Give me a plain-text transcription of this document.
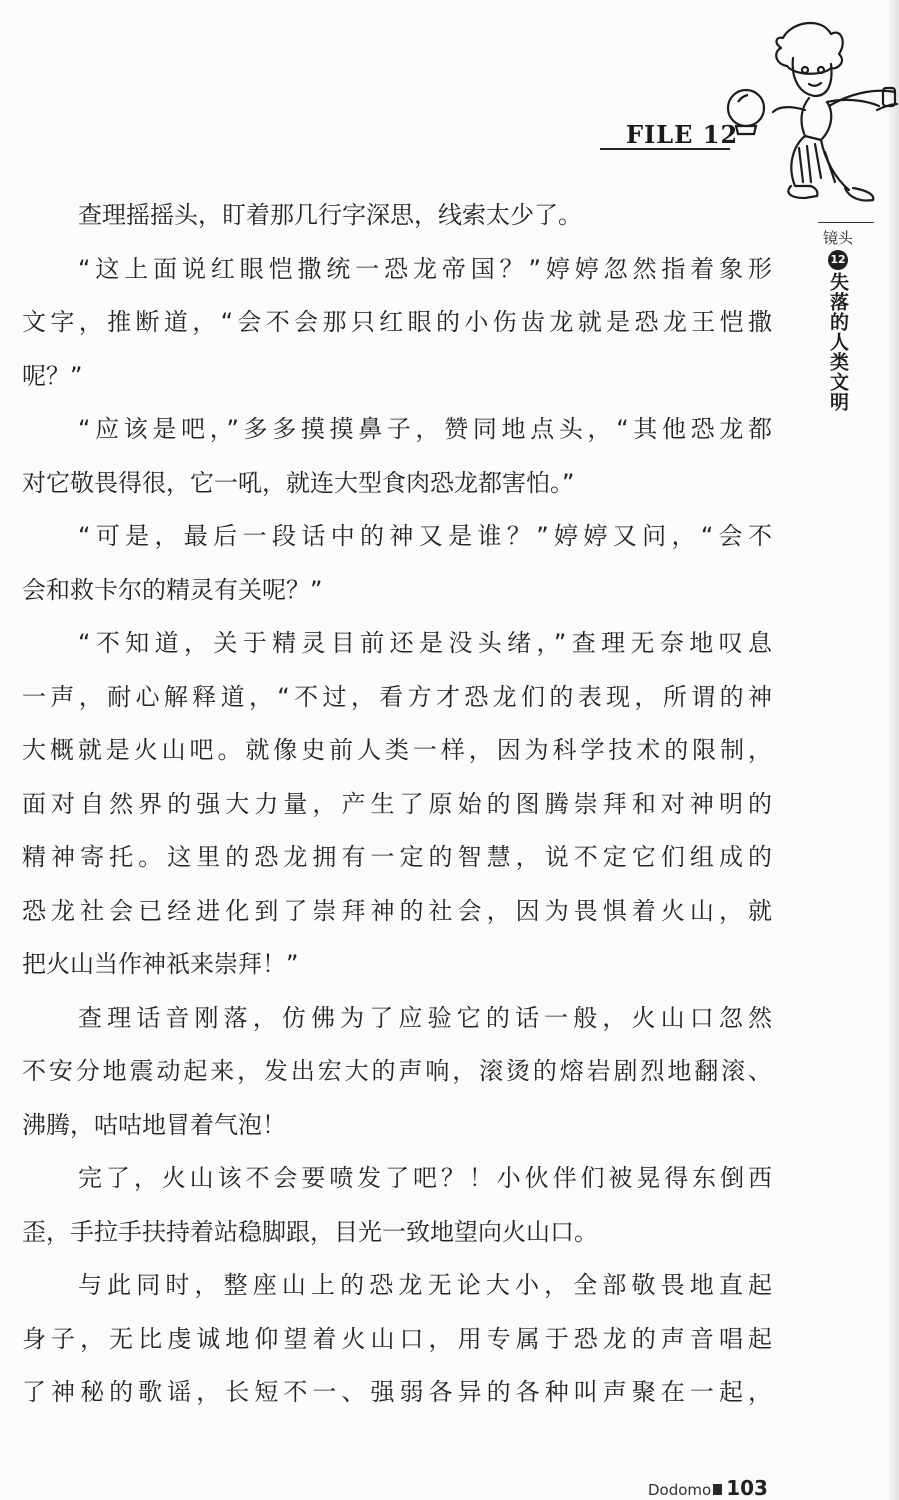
FILE 12
镜头
12
失落的人类文明
查理摇摇头，盯着那几行字深思，线索太少了。
“这上面说红眼恺撒统一恐龙帝国？”婷婷忽然指着象形
文字，推断道，“会不会那只红眼的小伤齿龙就是恐龙王恺撒
呢？”
“应该是吧，”多多摸摸鼻子，赞同地点头，“其他恐龙都
对它敬畏得很，它一吼，就连大型食肉恐龙都害怕。”
“可是，最后一段话中的神又是谁？”婷婷又问，“会不
会和救卡尔的精灵有关呢？”
“不知道，关于精灵目前还是没头绪，”查理无奈地叹息
一声，耐心解释道，“不过，看方才恐龙们的表现，所谓的神
大概就是火山吧。就像史前人类一样，因为科学技术的限制，
面对自然界的强大力量，产生了原始的图腾崇拜和对神明的
精神寄托。这里的恐龙拥有一定的智慧，说不定它们组成的
恐龙社会已经进化到了崇拜神的社会，因为畏惧着火山，就
把火山当作神祇来崇拜！”
查理话音刚落，仿佛为了应验它的话一般，火山口忽然
不安分地震动起来，发出宏大的声响，滚烫的熔岩剧烈地翻滚、
沸腾，咕咕地冒着气泡！
完了，火山该不会要喷发了吧？！小伙伴们被晃得东倒西
歪，手拉手扶持着站稳脚跟，目光一致地望向火山口。
与此同时，整座山上的恐龙无论大小，全部敬畏地直起
身子，无比虔诚地仰望着火山口，用专属于恐龙的声音唱起
了神秘的歌谣，长短不一、强弱各异的各种叫声聚在一起，
Dodomo 103
